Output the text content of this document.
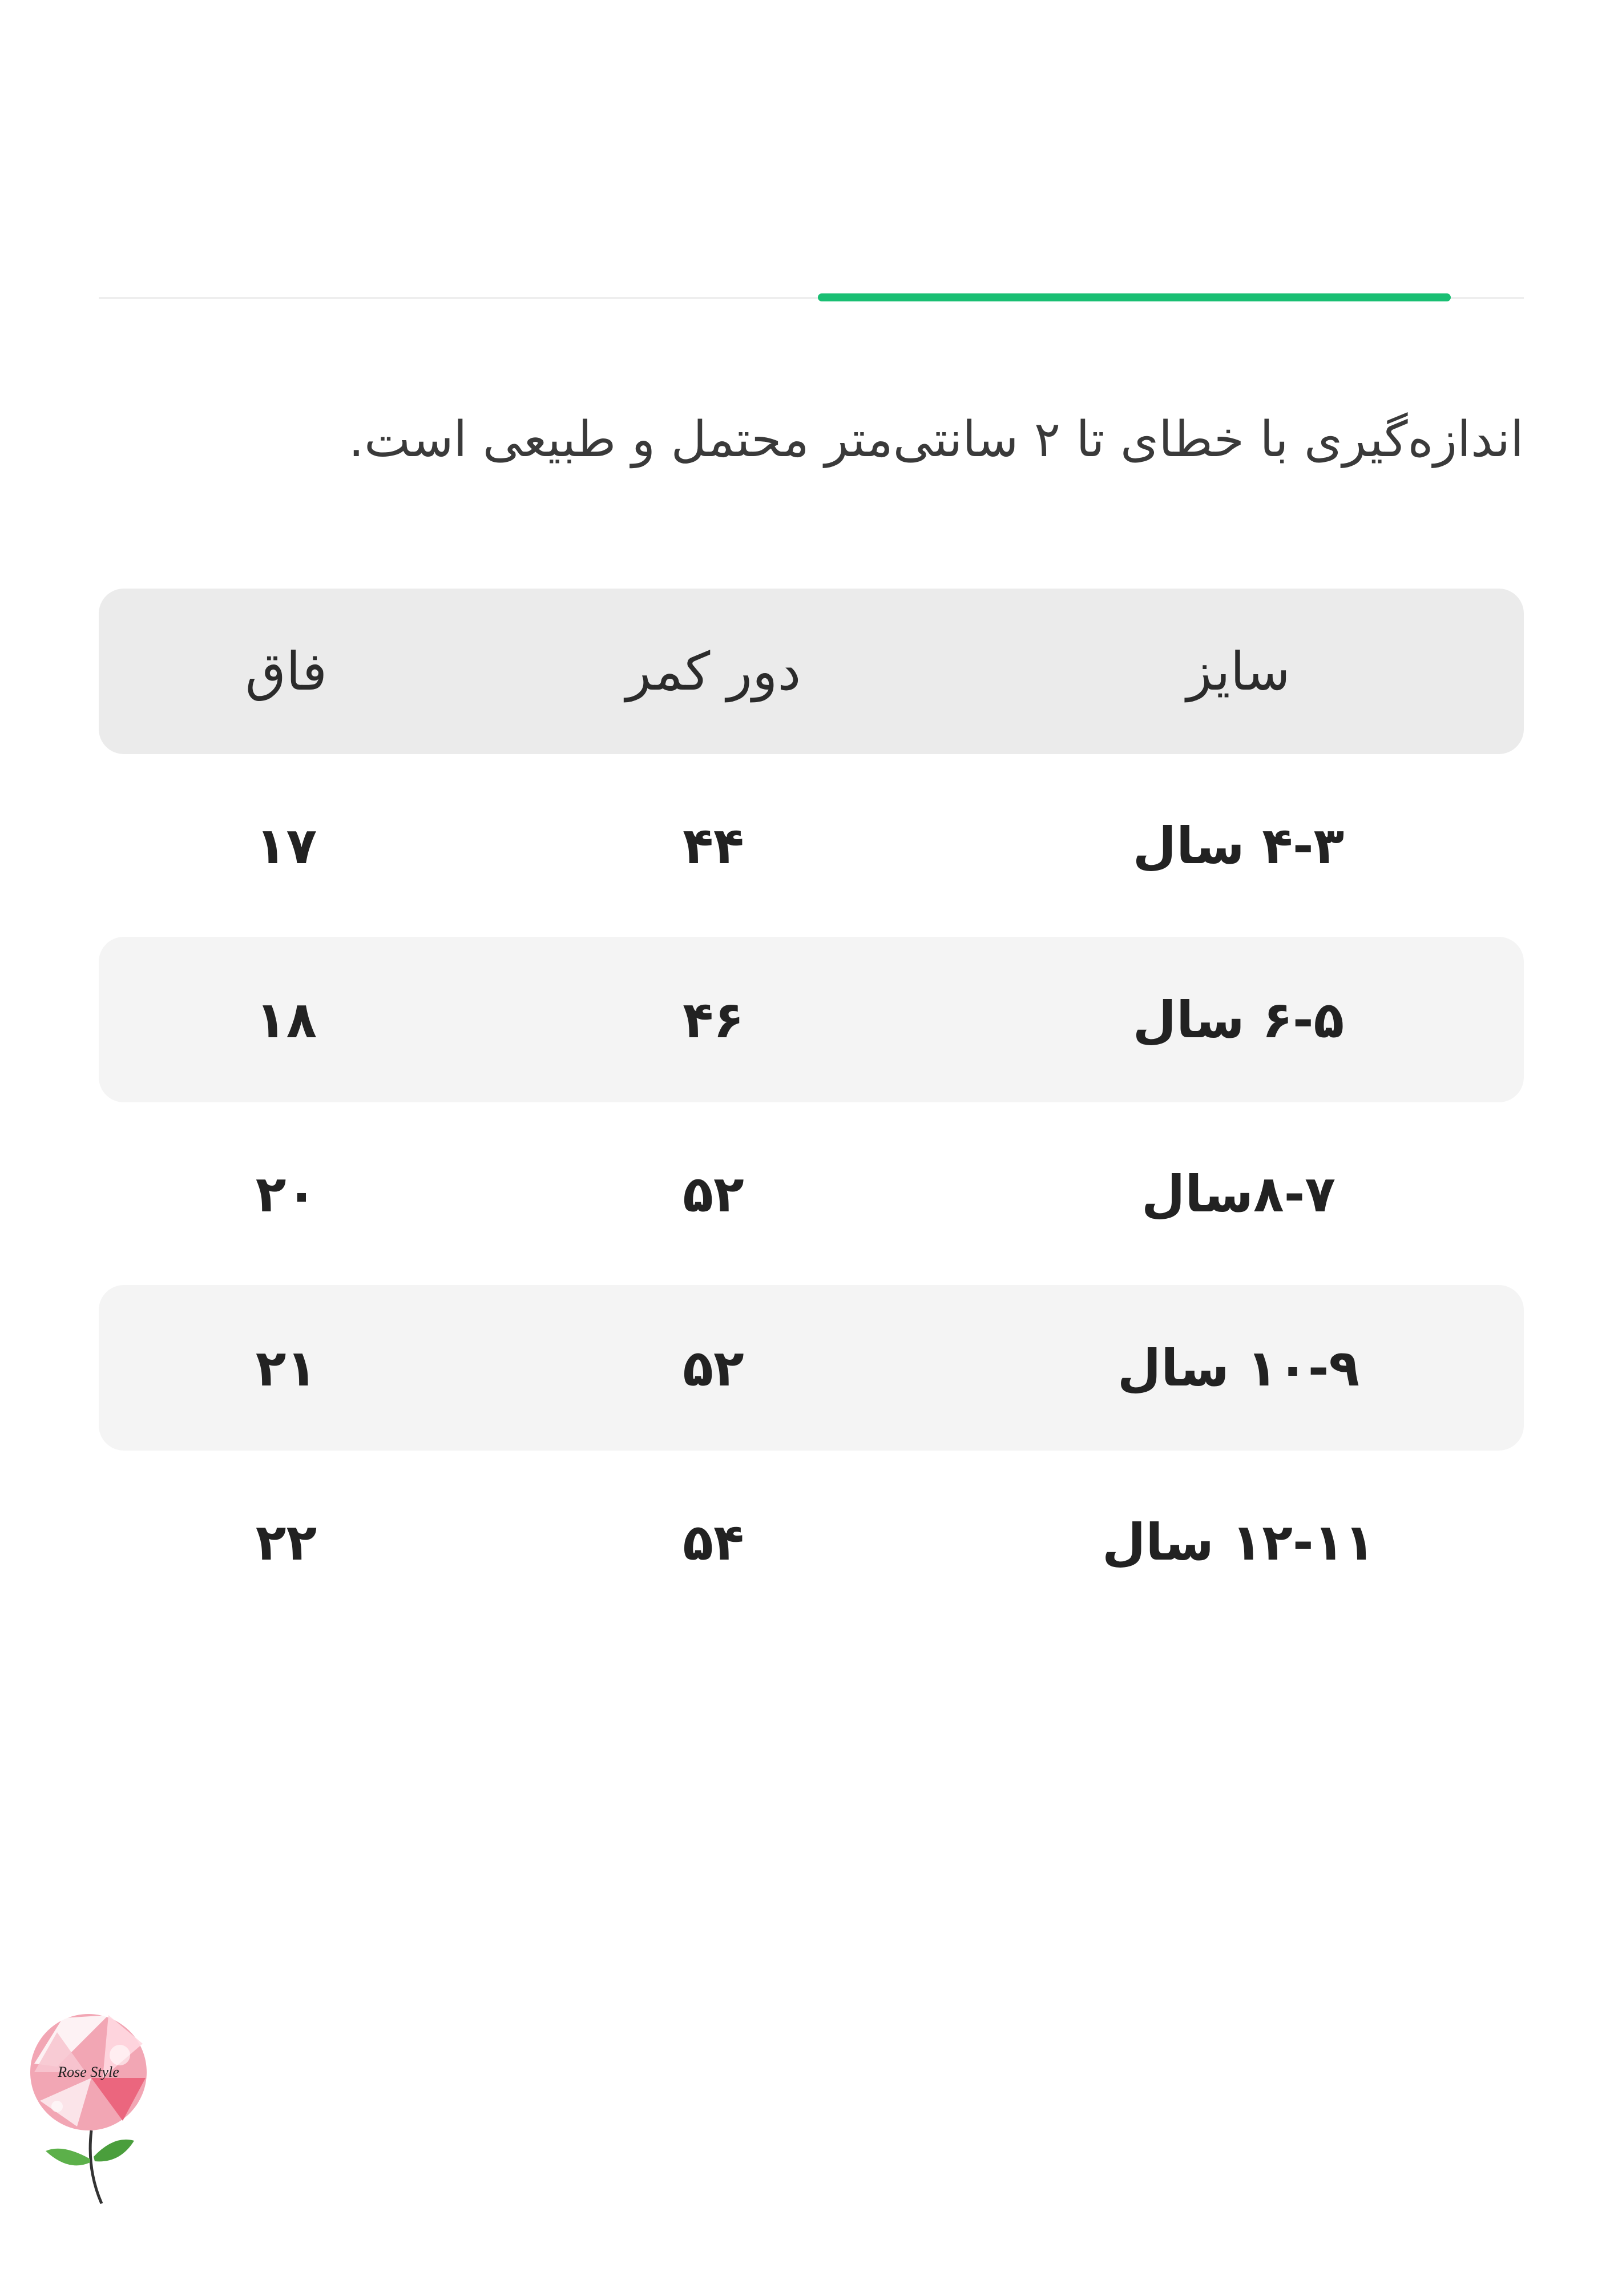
اندازه‌گیری با خطای تا ۲ سانتی‌متر محتمل و طبیعی است.
سایز
دور کمر
فاق
۴-۳ سال
۴۴
۱۷
۶-۵ سال
۴۶
۱۸
۸-۷سال
۵۲
۲۰
۱۰-۹ سال
۵۲
۲۱
۱۲-۱۱ سال
۵۴
۲۲
Rose Style
